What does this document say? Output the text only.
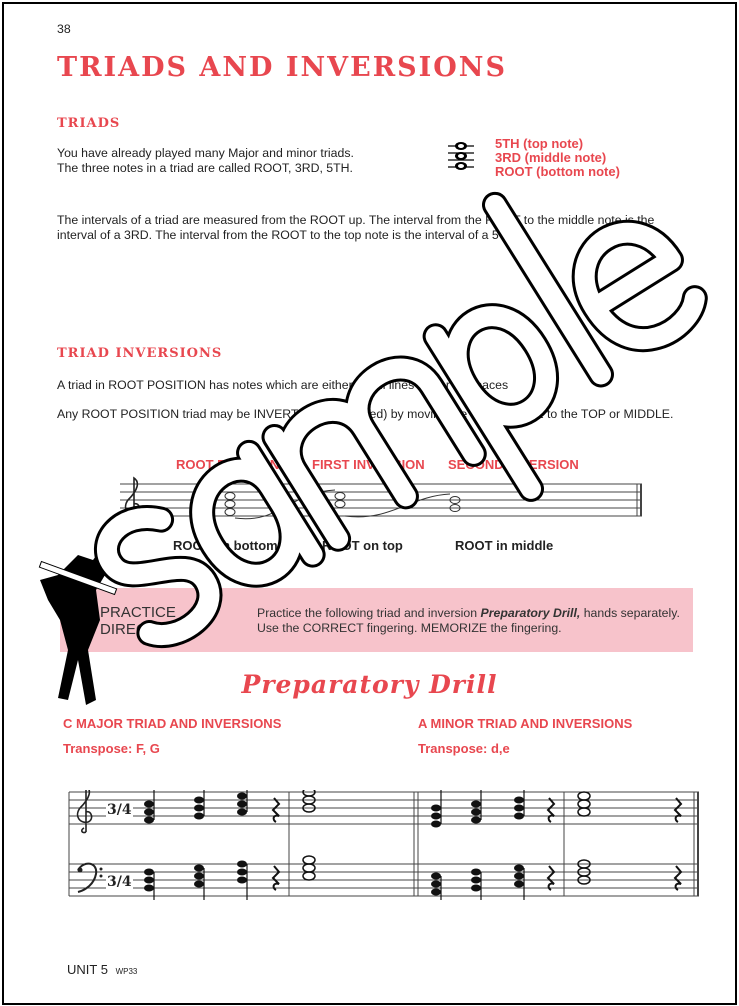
38
TRIADS AND INVERSIONS
TRIADS
You have already played many Major and minor triads.
The three notes in a triad are called ROOT, 3RD, 5TH.
5TH (top note)
3RD (middle note)
ROOT (bottom note)
The intervals of a triad are measured from the ROOT up. The interval from the ROOT to the middle note is the interval of a 3RD. The interval from the ROOT to the top note is the interval of a 5TH.
TRIAD INVERSIONS
A triad in ROOT POSITION has notes which are either on all lines or all spaces
Any ROOT POSITION triad may be INVERTED (rearranged) by moving the ROOT NOTE to the TOP or MIDDLE.
ROOT POSITION	FIRST INVERSION SECOND INVERSION
ROOT on bottom	ROOT on top	ROOT in middle
PRACTICE
DIRECTIONS
Practice the following triad and inversion Preparatory Drill, hands separately. Use the CORRECT fingering. MEMORIZE the fingering.
Preparatory Drill
C MAJOR TRIAD AND INVERSIONS
Transpose: F, G
A MINOR TRIAD AND INVERSIONS
Transpose: d,e
3/4
3/4
UNIT 5 WP33
